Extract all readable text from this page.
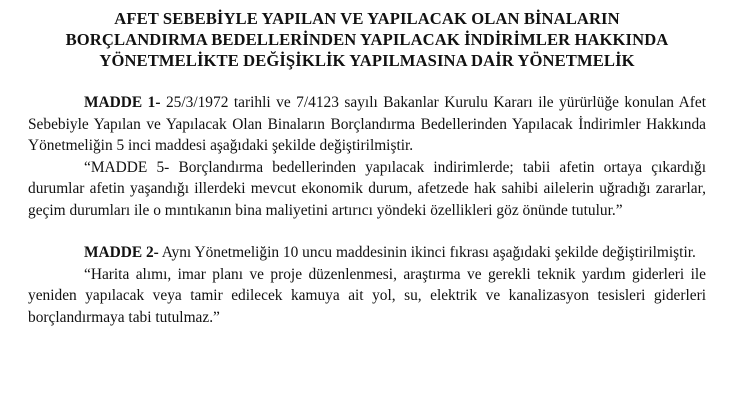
AFET SEBEBİYLE YAPILAN VE YAPILACAK OLAN BİNALARIN
BORÇLANDIRMA BEDELLERİNDEN YAPILACAK İNDİRİMLER HAKKINDA
YÖNETMELİKTE DEĞİŞİKLİK YAPILMASINA DAİR YÖNETMELİK

MADDE 1- 25/3/1972 tarihli ve 7/4123 sayılı Bakanlar Kurulu Kararı ile yürürlüğe konulan Afet Sebebiyle Yapılan ve Yapılacak Olan Binaların Borçlandırma Bedellerinden Yapılacak İndirimler Hakkında Yönetmeliğin 5 inci maddesi aşağıdaki şekilde değiştirilmiştir.

“MADDE 5- Borçlandırma bedellerinden yapılacak indirimlerde; tabii afetin ortaya çıkardığı durumlar afetin yaşandığı illerdeki mevcut ekonomik durum, afetzede hak sahibi ailelerin uğradığı zararlar, geçim durumları ile o mıntıkanın bina maliyetini artırıcı yöndeki özellikleri göz önünde tutulur.”

MADDE 2- Aynı Yönetmeliğin 10 uncu maddesinin ikinci fıkrası aşağıdaki şekilde değiştirilmiştir.

“Harita alımı, imar planı ve proje düzenlenmesi, araştırma ve gerekli teknik yardım giderleri ile yeniden yapılacak veya tamir edilecek kamuya ait yol, su, elektrik ve kanalizasyon tesisleri giderleri borçlandırmaya tabi tutulmaz.”
